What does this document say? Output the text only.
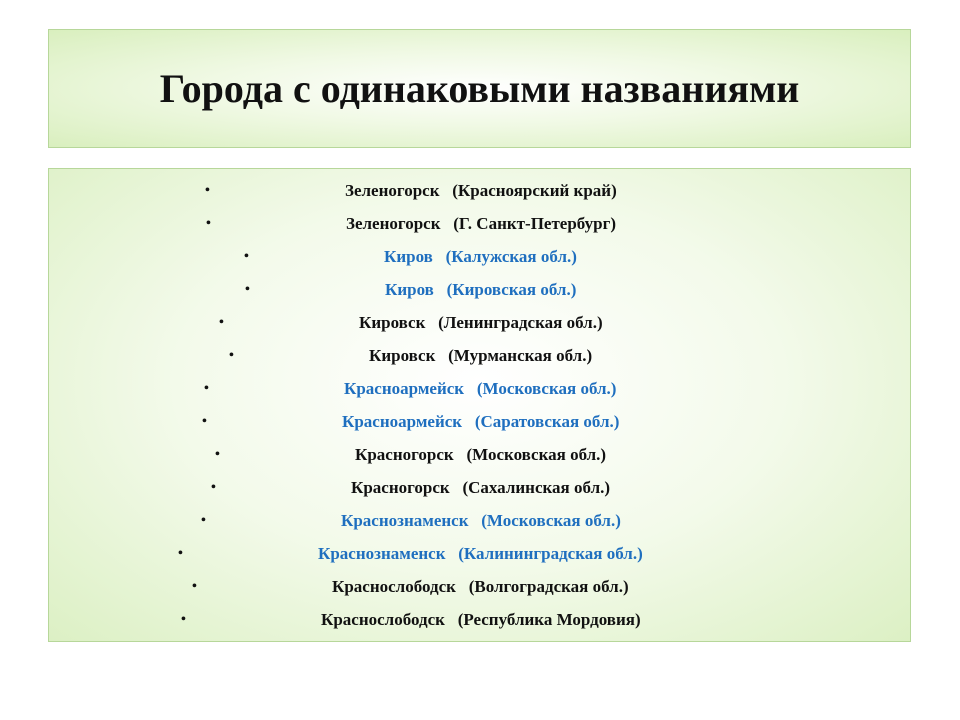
Города с одинаковыми названиями
•	Зеленогорск (Красноярский край)
•	Зеленогорск (Г. Санкт-Петербург)
•	Киров (Калужская обл.)
•	Киров (Кировская обл.)
•	Кировск (Ленинградская обл.)
•	Кировск (Мурманская обл.)
•	Красноармейск (Московская обл.)
•	Красноармейск (Саратовская обл.)
•	Красногорск (Московская обл.)
•	Красногорск (Сахалинская обл.)
•	Краснознаменск (Московская обл.)
•	Краснознаменск (Калининградская обл.)
•	Краснослободск (Волгоградская обл.)
•	Краснослободск (Республика Мордовия)
